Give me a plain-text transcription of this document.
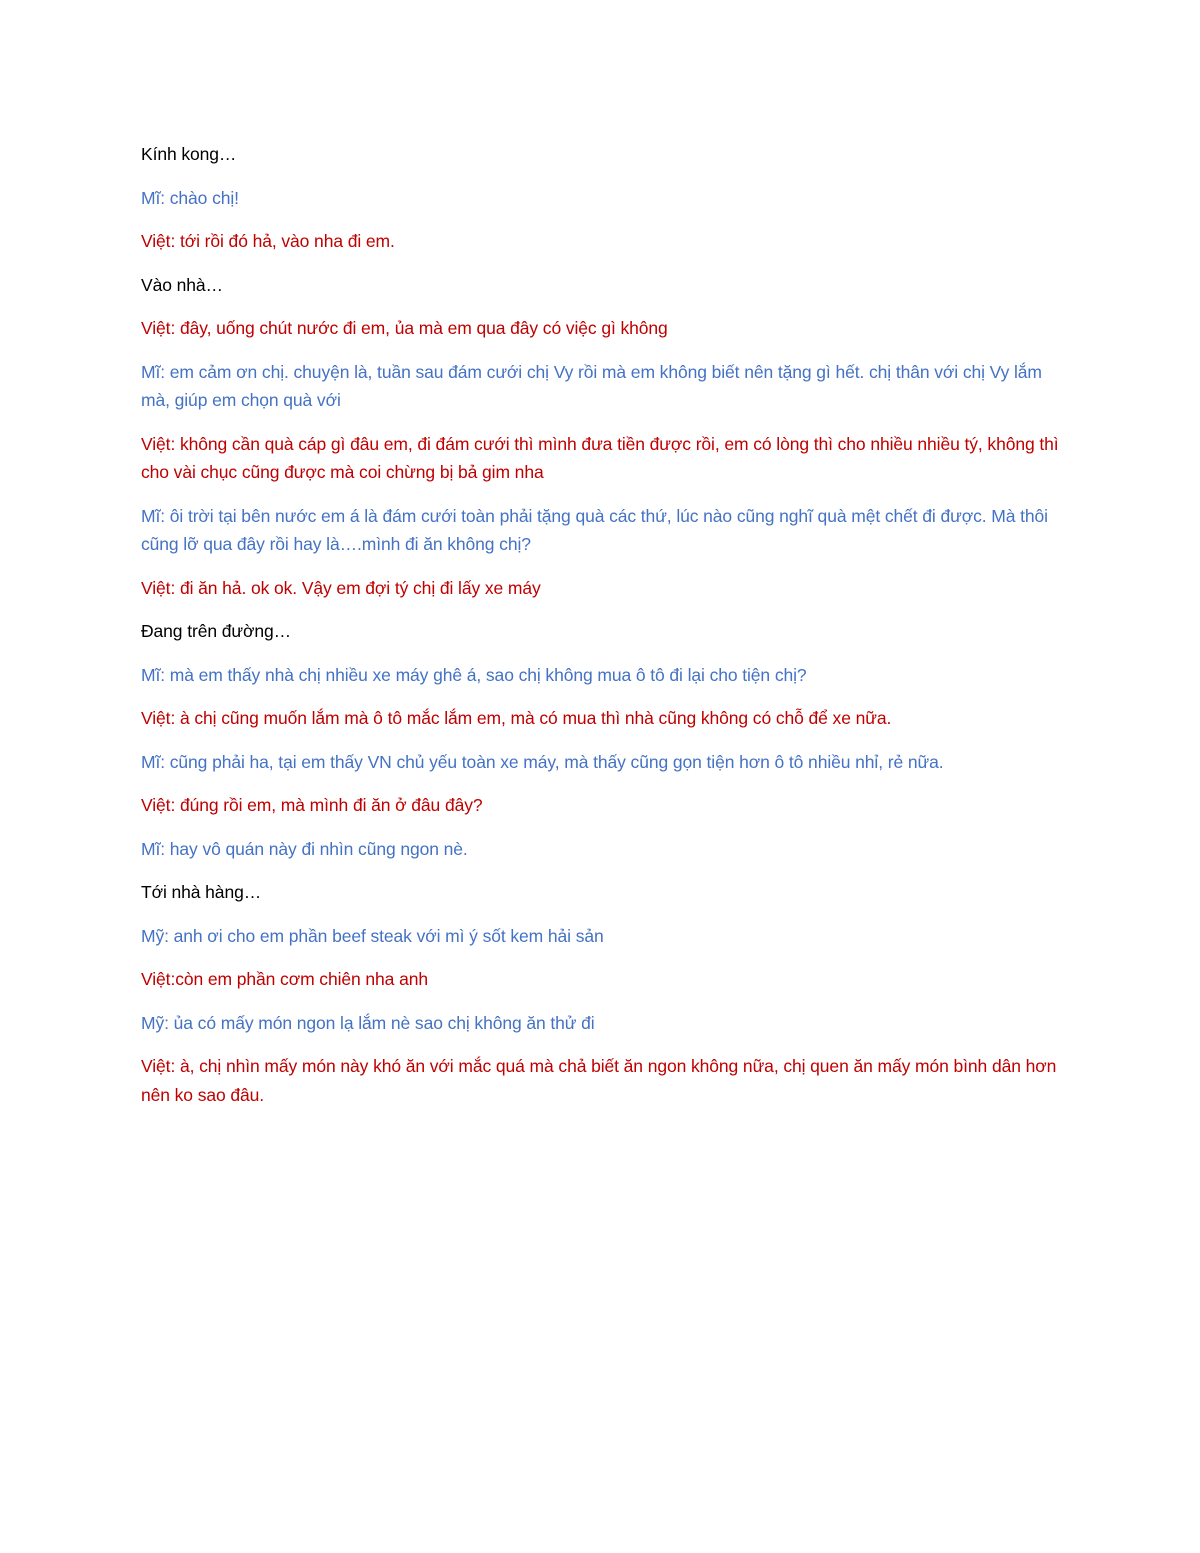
Kính kong…

Mĩ: chào chị!

Việt: tới rồi đó hả, vào nha đi em.

Vào nhà…

Việt: đây, uống chút nước đi em, ủa mà em qua đây có việc gì không

Mĩ: em cảm ơn chị. chuyện là, tuần sau đám cưới chị Vy rồi mà em không biết nên tặng gì hết. chị thân với chị Vy lắm mà, giúp em chọn quà với

Việt: không cần quà cáp gì đâu em, đi đám cưới thì mình đưa tiền được rồi, em có lòng thì cho nhiều nhiều tý, không thì cho vài chục cũng được mà coi chừng bị bả gim nha

Mĩ: ôi trời tại bên nước em á là đám cưới toàn phải tặng quà các thứ, lúc nào cũng nghĩ quà mệt chết đi được. Mà thôi cũng lỡ qua đây rồi hay là….mình đi ăn không chị?

Việt: đi ăn hả. ok ok. Vậy em đợi tý chị đi lấy xe máy

Đang trên đường…

Mĩ: mà em thấy nhà chị nhiều xe máy ghê á, sao chị không mua ô tô đi lại cho tiện chị?

Việt: à chị cũng muốn lắm mà ô tô mắc lắm em, mà có mua thì nhà cũng không có chỗ để xe nữa.

Mĩ: cũng phải ha, tại em thấy VN chủ yếu toàn xe máy, mà thấy cũng gọn tiện hơn ô tô nhiều nhỉ, rẻ nữa.

Việt: đúng rồi em, mà mình đi ăn ở đâu đây?

Mĩ: hay vô quán này đi nhìn cũng ngon nè.

Tới nhà hàng…

Mỹ: anh ơi cho em phần beef steak với mì ý sốt kem hải sản

Việt:còn em phần cơm chiên nha anh

Mỹ: ủa có mấy món ngon lạ lắm nè sao chị không ăn thử đi

Việt: à, chị nhìn mấy món này khó ăn với mắc quá mà chả biết ăn ngon không nữa, chị quen ăn mấy món bình dân hơn nên ko sao đâu.
